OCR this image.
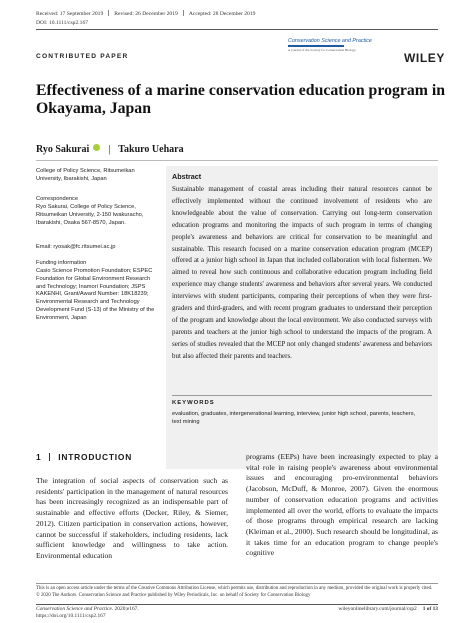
Received: 17 September 2019 Revised: 26 December 2019 Accepted: 28 December 2019
DOI: 10.1111/csp2.167
Conservation Science and Practice
A journal of the Society for Conservation Biology
WILEY
CONTRIBUTED PAPER
Effectiveness of a marine conservation education program in Okayama, Japan
Ryo Sakurai | Takuro Uehara
College of Policy Science, Ritsumeikan University, Ibarakishi, Japan
Correspondence
Ryo Sakurai, College of Policy Science, Ritsumeikan University, 2-150 Iwakuracho, Ibarakishi, Osaka 567-8570, Japan.
Email: ryosak@fc.ritsumei.ac.jp
Funding information
Casio Science Promotion Foundation; ESPEC Foundation for Global Environment Research and Technology; Inamori Foundation; JSPS KAKENHI, Grant/Award Number: 18K18239; Environmental Research and Technology Development Fund (S-13) of the Ministry of the Environment, Japan
Abstract
Sustainable management of coastal areas including their natural resources cannot be effectively implemented without the continued involvement of residents who are knowledgeable about the value of conservation. Carrying out long-term conservation education programs and monitoring the impacts of such program in terms of changing people's awareness and behaviors are critical for conservation to be meaningful and sustainable. This research focused on a marine conservation education program (MCEP) offered at a junior high school in Japan that included collaboration with local fishermen. We aimed to reveal how such continuous and collaborative education program including field experience may change students' awareness and behaviors after several years. We conducted interviews with student participants, comparing their perceptions of when they were first-graders and third-graders, and with recent program graduates to understand their perception of the program and knowledge about the local environment. We also conducted surveys with parents and teachers at the junior high school to understand the impacts of the program. A series of studies revealed that the MCEP not only changed students' awareness and behaviors but also affected their parents and teachers.
KEYWORDS
evaluation, graduates, intergenerational learning, interview, junior high school, parents, teachers, text mining
1 INTRODUCTION
The integration of social aspects of conservation such as residents' participation in the management of natural resources has been increasingly recognized as an indispensable part of sustainable and effective efforts (Decker, Riley, & Siemer, 2012). Citizen participation in conservation actions, however, cannot be successful if stakeholders, including residents, lack sufficient knowledge and willingness to take action. Environmental education
programs (EEPs) have been increasingly expected to play a vital role in raising people's awareness about environmental issues and encouraging pro-environmental behaviors (Jacobson, McDuff, & Monroe, 2007). Given the enormous number of conservation education programs and activities implemented all over the world, efforts to evaluate the impacts of those programs through empirical research are lacking (Kleiman et al., 2000). Such research should be longitudinal, as it takes time for an education program to change people's cognitive
This is an open access article under the terms of the Creative Commons Attribution License, which permits use, distribution and reproduction in any medium, provided the original work is properly cited.
© 2020 The Authors. Conservation Science and Practice published by Wiley Periodicals, Inc. on behalf of Society for Conservation Biology
Conservation Science and Practice. 2020;e167.
https://doi.org/10.1111/csp2.167
wileyonlinelibrary.com/journal/csp2 1 of 13
